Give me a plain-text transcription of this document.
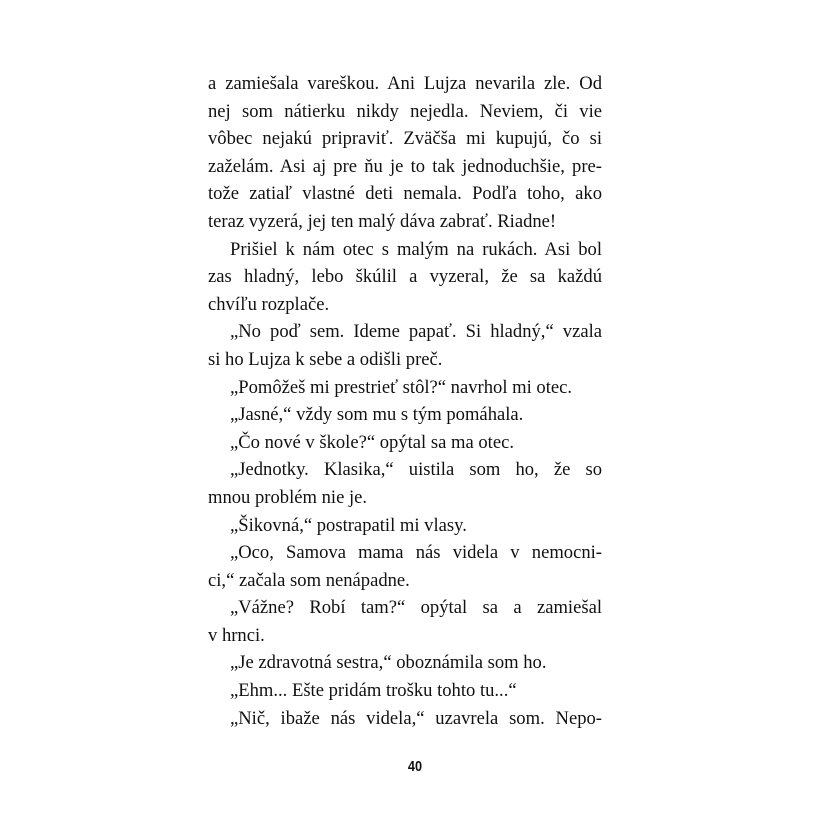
a zamiešala vareškou. Ani Lujza nevarila zle. Od
nej som nátierku nikdy nejedla. Neviem, či vie
vôbec nejakú pripraviť. Zväčša mi kupujú, čo si
zaželám. Asi aj pre ňu je to tak jednoduchšie, pre-
tože zatiaľ vlastné deti nemala. Podľa toho, ako
teraz vyzerá, jej ten malý dáva zabrať. Riadne!
Prišiel k nám otec s malým na rukách. Asi bol
zas hladný, lebo škúlil a vyzeral, že sa každú
chvíľu rozplače.
„No poď sem. Ideme papať. Si hladný,“ vzala
si ho Lujza k sebe a odišli preč.
„Pomôžeš mi prestrieť stôl?“ navrhol mi otec.
„Jasné,“ vždy som mu s tým pomáhala.
„Čo nové v škole?“ opýtal sa ma otec.
„Jednotky. Klasika,“ uistila som ho, že so
mnou problém nie je.
„Šikovná,“ postrapatil mi vlasy.
„Oco, Samova mama nás videla v nemocni-
ci,“ začala som nenápadne.
„Vážne? Robí tam?“ opýtal sa a zamiešal
v hrnci.
„Je zdravotná sestra,“ oboznámila som ho.
„Ehm... Ešte pridám trošku tohto tu...“
„Nič, ibaže nás videla,“ uzavrela som. Nepo-
40
